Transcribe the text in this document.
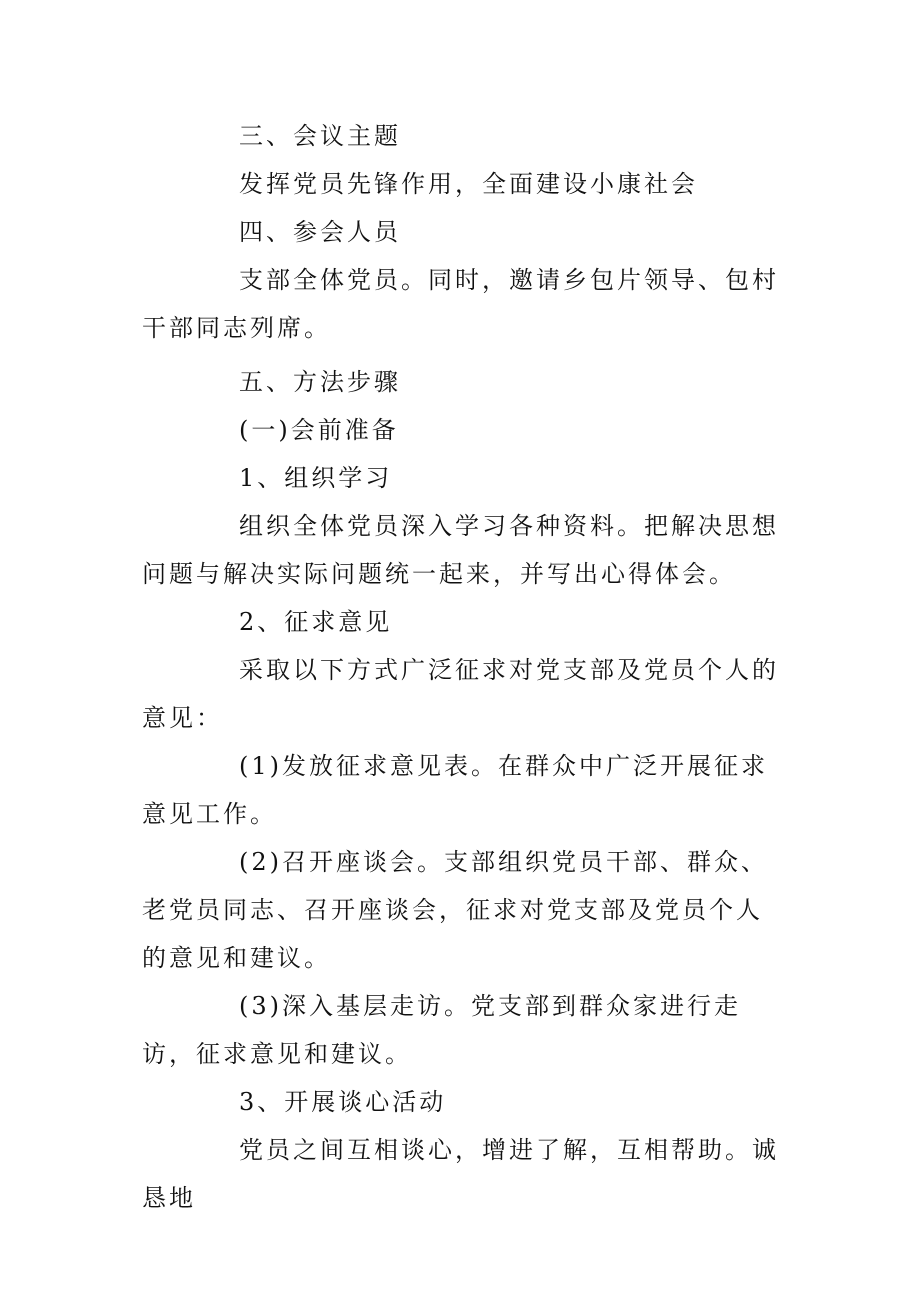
三、会议主题

发挥党员先锋作用，全面建设小康社会

四、参会人员

支部全体党员。同时，邀请乡包片领导、包村干部同志列席。

五、方法步骤

(一)会前准备

1、组织学习

组织全体党员深入学习各种资料。把解决思想问题与解决实际问题统一起来，并写出心得体会。

2、征求意见

采取以下方式广泛征求对党支部及党员个人的意见：

(1)发放征求意见表。在群众中广泛开展征求意见工作。

(2)召开座谈会。支部组织党员干部、群众、老党员同志、召开座谈会，征求对党支部及党员个人的意见和建议。

(3)深入基层走访。党支部到群众家进行走访，征求意见和建议。

3、开展谈心活动

党员之间互相谈心，增进了解，互相帮助。诚恳地
